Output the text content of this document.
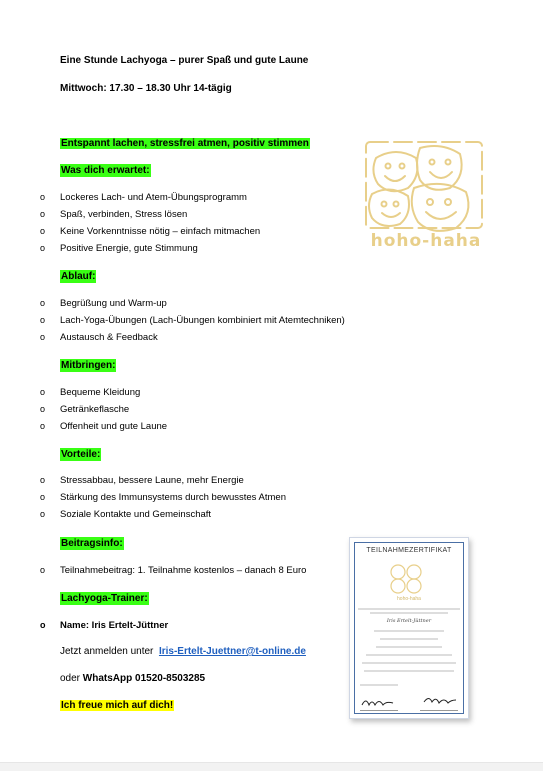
Eine Stunde Lachyoga – purer Spaß und gute Laune
Mittwoch: 17.30 – 18.30 Uhr 14-tägig
Entspannt lachen, stressfrei atmen, positiv stimmen
Was dich erwartet:
o Lockeres Lach- und Atem-Übungsprogramm
o Spaß, verbinden, Stress lösen
o Keine Vorkenntnisse nötig – einfach mitmachen
o Positive Energie, gute Stimmung
Ablauf:
o Begrüßung und Warm-up
o Lach-Yoga-Übungen (Lach-Übungen kombiniert mit Atemtechniken)
o Austausch & Feedback
Mitbringen:
o Bequeme Kleidung
o Getränkeflasche
o Offenheit und gute Laune
Vorteile:
o Stressabbau, bessere Laune, mehr Energie
o Stärkung des Immunsystems durch bewusstes Atmen
o Soziale Kontakte und Gemeinschaft
Beitragsinfo:
o Teilnahmebeitrag: 1. Teilnahme kostenlos – danach 8 Euro
Lachyoga-Trainer:
o Name: Iris Ertelt-Jüttner
Jetzt anmelden unter Iris-Ertelt-Juettner@t-online.de
oder WhatsApp 01520-8503285
Ich freue mich auf dich!
hoho-haha
TEILNAHMEZERTIFIKAT
hoho-haha
Iris Ertelt-Jüttner
